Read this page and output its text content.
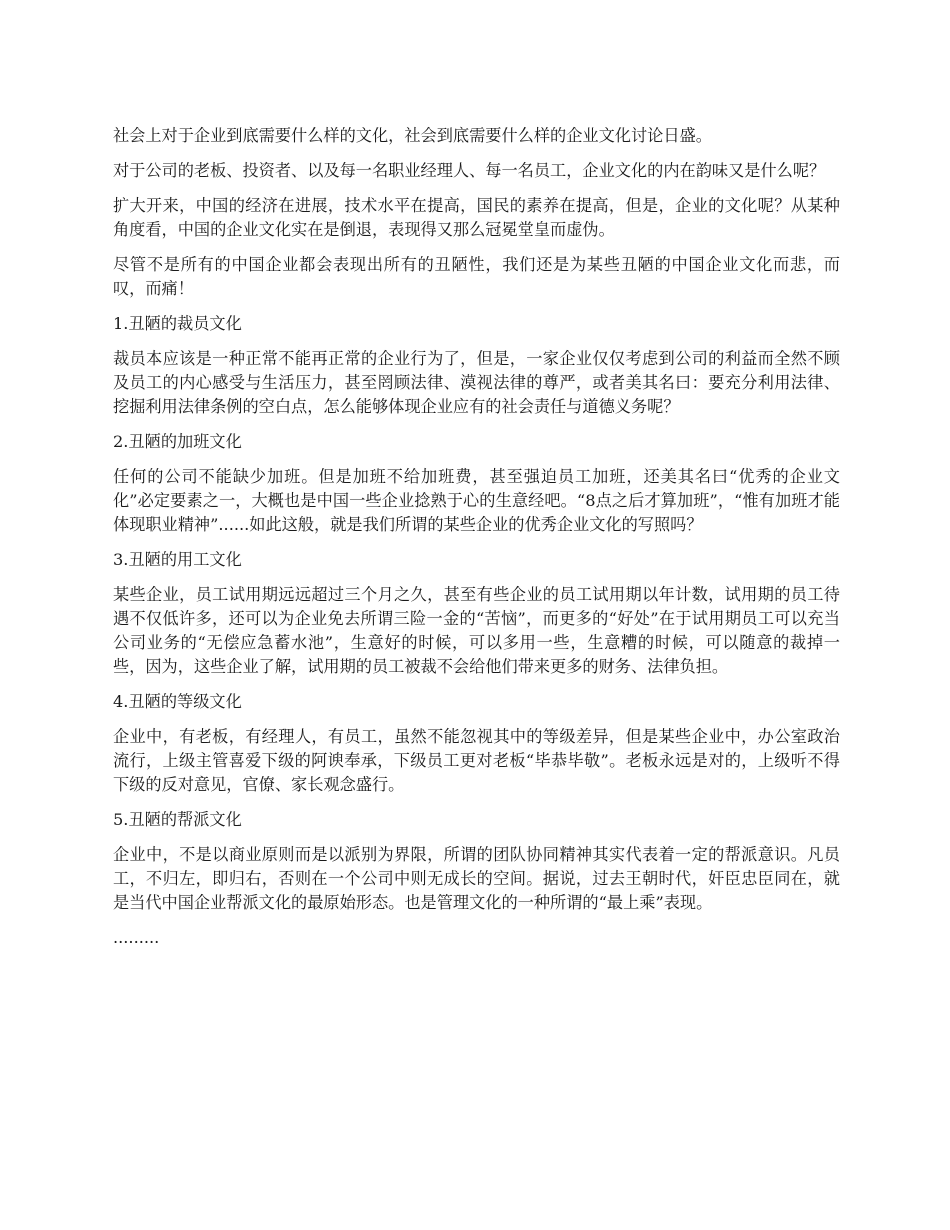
社会上对于企业到底需要什么样的文化，社会到底需要什么样的企业文化讨论日盛。

对于公司的老板、投资者、以及每一名职业经理人、每一名员工，企业文化的内在韵味又是什么呢？

扩大开来，中国的经济在进展，技术水平在提高，国民的素养在提高，但是，企业的文化呢？从某种角度看，中国的企业文化实在是倒退，表现得又那么冠冕堂皇而虚伪。

尽管不是所有的中国企业都会表现出所有的丑陋性，我们还是为某些丑陋的中国企业文化而悲，而叹，而痛！

1.丑陋的裁员文化

裁员本应该是一种正常不能再正常的企业行为了，但是，一家企业仅仅考虑到公司的利益而全然不顾及员工的内心感受与生活压力，甚至罔顾法律、漠视法律的尊严，或者美其名曰：要充分利用法律、挖掘利用法律条例的空白点，怎么能够体现企业应有的社会责任与道德义务呢？

2.丑陋的加班文化

任何的公司不能缺少加班。但是加班不给加班费，甚至强迫员工加班，还美其名曰“优秀的企业文化”必定要素之一，大概也是中国一些企业捻熟于心的生意经吧。“8点之后才算加班”，“惟有加班才能体现职业精神”......如此这般，就是我们所谓的某些企业的优秀企业文化的写照吗？

3.丑陋的用工文化

某些企业，员工试用期远远超过三个月之久，甚至有些企业的员工试用期以年计数，试用期的员工待遇不仅低许多，还可以为企业免去所谓三险一金的“苦恼”，而更多的“好处”在于试用期员工可以充当公司业务的“无偿应急蓄水池”，生意好的时候，可以多用一些，生意糟的时候，可以随意的裁掉一些，因为，这些企业了解，试用期的员工被裁不会给他们带来更多的财务、法律负担。

4.丑陋的等级文化

企业中，有老板，有经理人，有员工，虽然不能忽视其中的等级差异，但是某些企业中，办公室政治流行，上级主管喜爱下级的阿谀奉承，下级员工更对老板“毕恭毕敬”。老板永远是对的，上级听不得下级的反对意见，官僚、家长观念盛行。

5.丑陋的帮派文化

企业中，不是以商业原则而是以派别为界限，所谓的团队协同精神其实代表着一定的帮派意识。凡员工，不归左，即归右，否则在一个公司中则无成长的空间。据说，过去王朝时代，奸臣忠臣同在，就是当代中国企业帮派文化的最原始形态。也是管理文化的一种所谓的“最上乘”表现。

.........
